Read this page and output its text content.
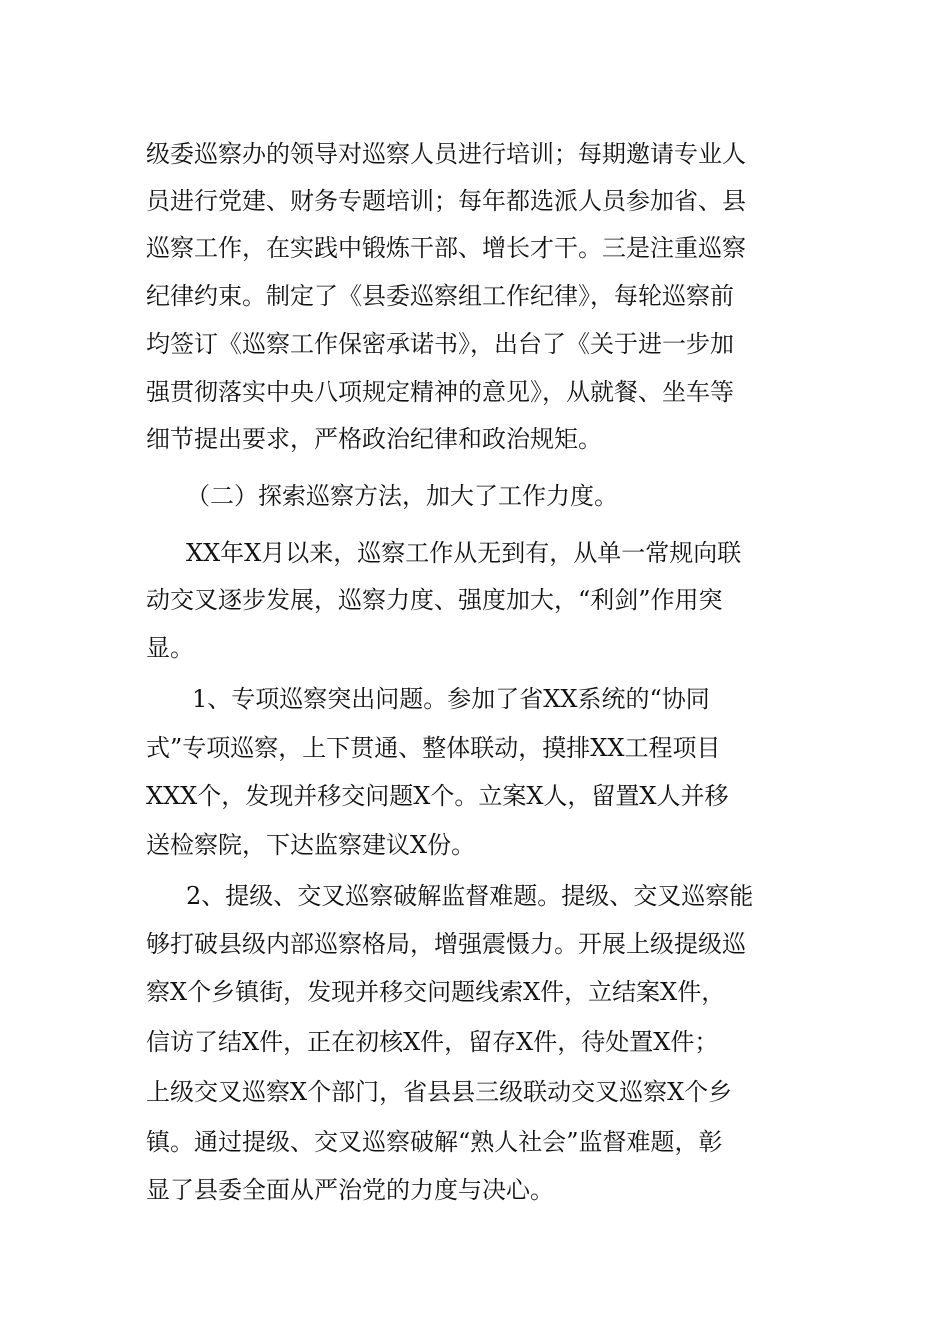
级委巡察办的领导对巡察人员进行培训；每期邀请专业人
员进行党建、财务专题培训；每年都选派人员参加省、县
巡察工作，在实践中锻炼干部、增长才干。三是注重巡察
纪律约束。制定了《县委巡察组工作纪律》，每轮巡察前
均签订《巡察工作保密承诺书》，出台了《关于进一步加
强贯彻落实中央八项规定精神的意见》，从就餐、坐车等
细节提出要求，严格政治纪律和政治规矩。
（二）探索巡察方法，加大了工作力度。
XX年X月以来，巡察工作从无到有，从单一常规向联
动交叉逐步发展，巡察力度、强度加大，“利剑”作用突
显。
1、专项巡察突出问题。参加了省XX系统的“协同
式”专项巡察，上下贯通、整体联动，摸排XX工程项目
XXX个，发现并移交问题X个。立案X人，留置X人并移
送检察院，下达监察建议X份。
2、提级、交叉巡察破解监督难题。提级、交叉巡察能
够打破县级内部巡察格局，增强震慑力。开展上级提级巡
察X个乡镇街，发现并移交问题线索X件，立结案X件，
信访了结X件，正在初核X件，留存X件，待处置X件；
上级交叉巡察X个部门，省县县三级联动交叉巡察X个乡
镇。通过提级、交叉巡察破解“熟人社会”监督难题，彰
显了县委全面从严治党的力度与决心。
